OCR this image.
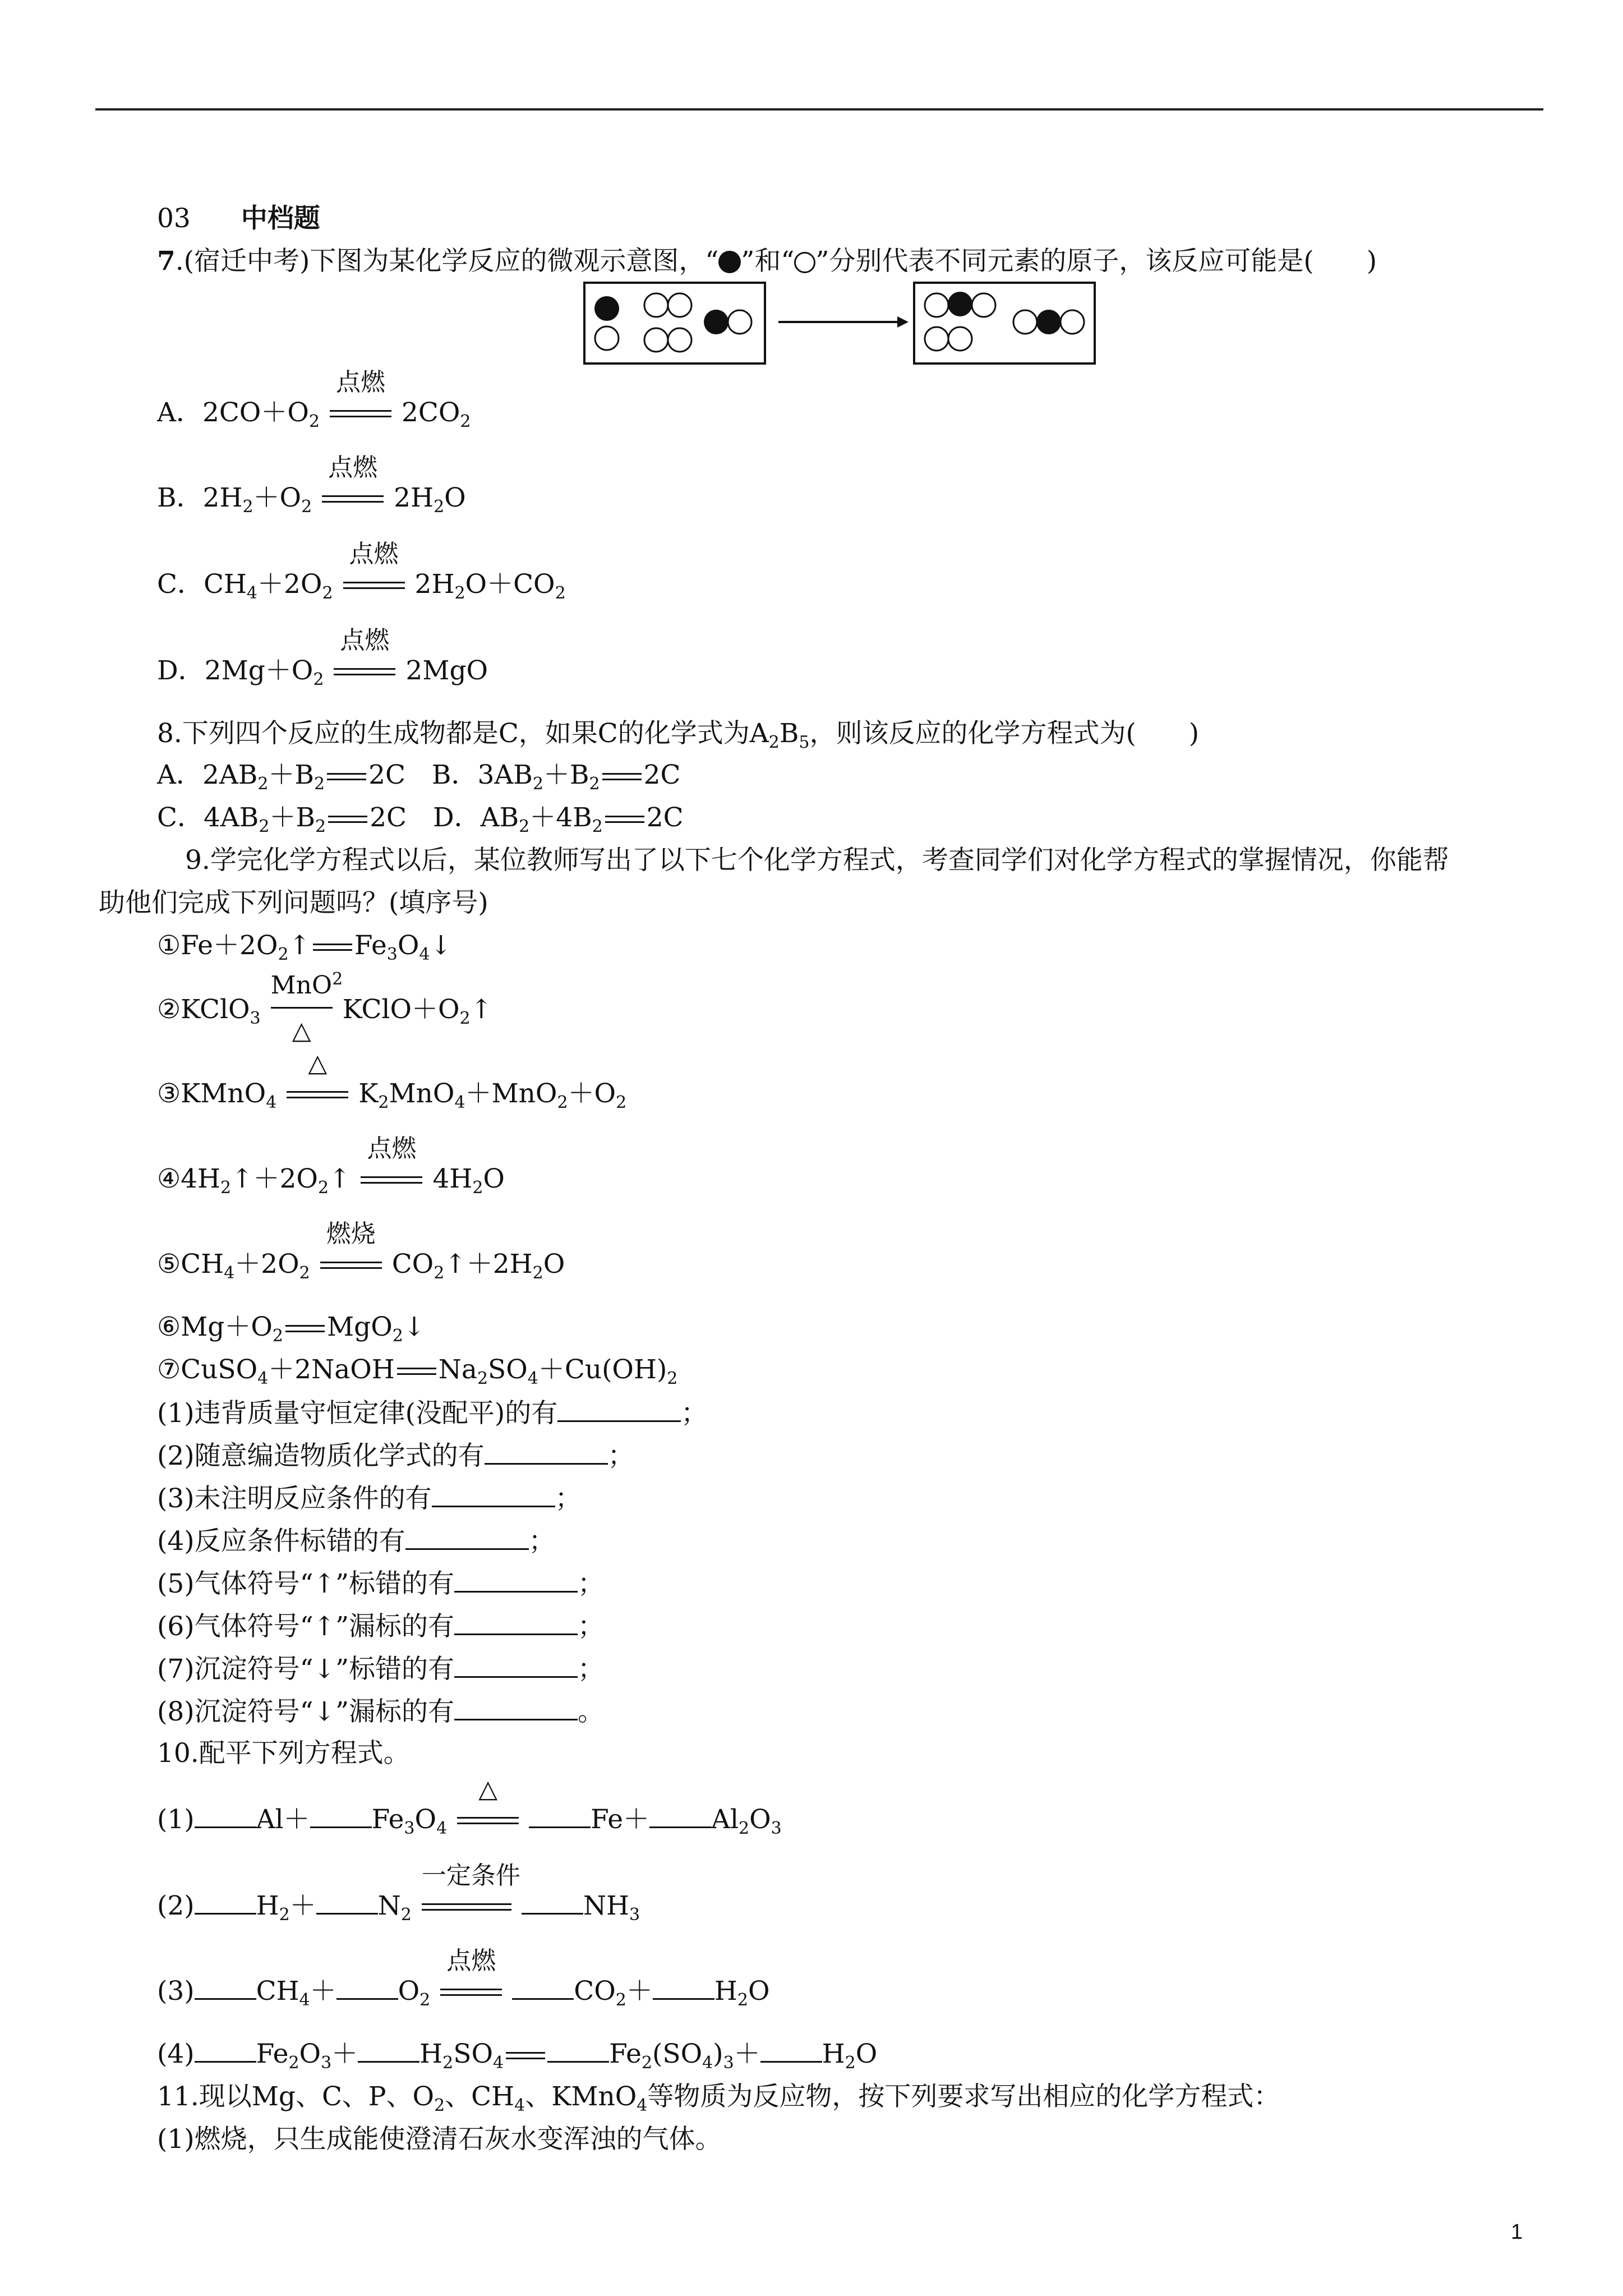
03 中档题
7.(宿迁中考)下图为某化学反应的微观示意图，“ ”和“ ”分别代表不同元素的原子，该反应可能是(　　)
A．$2CO+O_2$
点燃
$2CO_2$
B．$2H_2+O_2$
点燃
$2H_2O$
C．$CH_4+2O_2$
点燃
$2H_2O+CO_2$
D．$2Mg+O_2$
点燃
2MgO
8.下列四个反应的生成物都是C，如果C的化学式为$A_2B_5$，则该反应的化学方程式为(　　)
A．$2AB_2+B_2$ 2C　B．$3AB_2+B_2$ 2C
C．$4AB_2+B_2$ 2C　D．$AB_2+4B_2$ 2C
9.学完化学方程式以后，某位教师写出了以下七个化学方程式，考查同学们对化学方程式的掌握情况，你能帮
助他们完成下列问题吗？(填序号)
$①Fe+2O_2↑$ $Fe_3O_4↓$
②KClO$_3$
MnO$^2$
△
$KClO+O_2↑$
③KMnO$_4$
△
$K_2MnO_4+MnO_2+O_2$
$④4H_2↑+2O_2↑$
点燃
$4H_2O$
$⑤CH_4+2O_2$
燃烧
$CO_2↑+2H_2O$
$⑥Mg+O_2$ MgO$_2$↓
⑦CuSO$_4$＋2NaOH $Na_2SO_4+Cu(OH)_2$
(1)违背质量守恒定律(没配平)的有	；
(2)随意编造物质化学式的有	；
(3)未注明反应条件的有	；
(4)反应条件标错的有	；
(5)气体符号“↑”标错的有	；
(6)气体符号“↑”漏标的有	；
(7)沉淀符号“↓”标错的有	；
(8)沉淀符号“↓”漏标的有	。
10.配平下列方程式。
(1) $Al+ Fe_3O_4$
△
$Fe+ Al_2O_3$
(2) $H_2+ N_2$
一定条件
$NH_3$
(3) $CH_4+ O_2$
点燃
$CO_2+ H_2O$
(4) $Fe_2O_3+ H_2SO_4$	$Fe_2(SO_4)_3+ H_2O$
11.现以Mg、C、P、$O_2$、$CH_4$、KMnO$_4$等物质为反应物，按下列要求写出相应的化学方程式：
(1)燃烧，只生成能使澄清石灰水变浑浊的气体。
1
